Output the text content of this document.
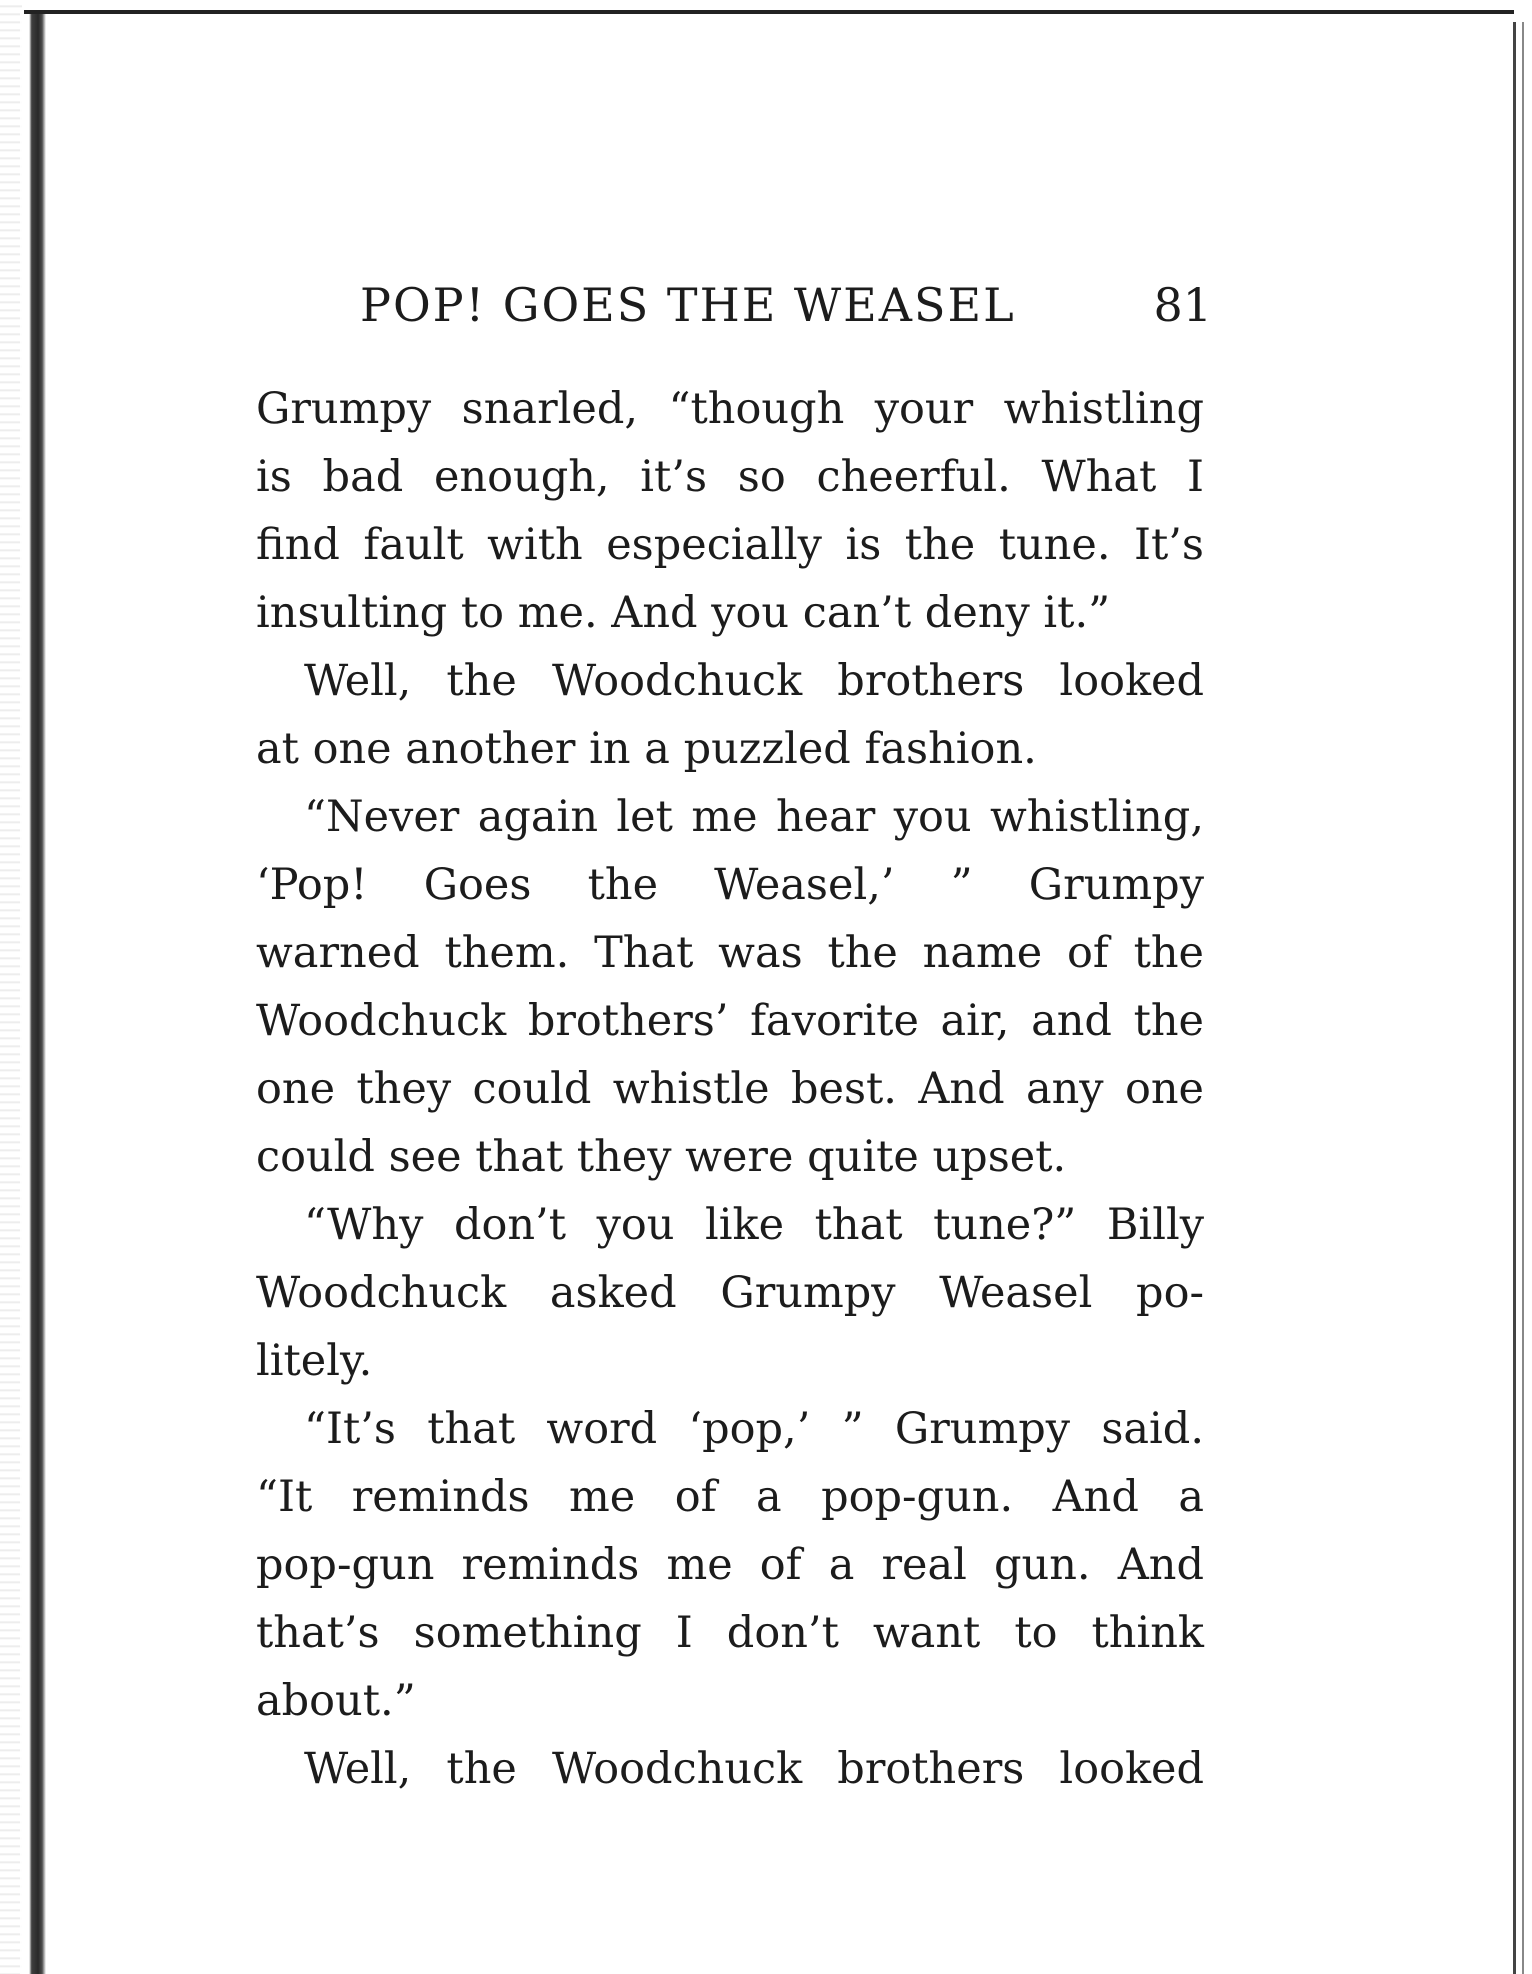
POP! GOES THE WEASEL	81
Grumpy snarled, “though your whistling
is bad enough, it’s so cheerful. What I
find fault with especially is the tune. It’s
insulting to me. And you can’t deny it.”
Well, the Woodchuck brothers looked
at one another in a puzzled fashion.
“Never again let me hear you whistling,
‘Pop! Goes the Weasel,’ ” Grumpy
warned them. That was the name of the
Woodchuck brothers’ favorite air, and the
one they could whistle best. And any one
could see that they were quite upset.
“Why don’t you like that tune?” Billy
Woodchuck asked Grumpy Weasel po-
litely.
“It’s that word ‘pop,’ ” Grumpy said.
“It reminds me of a pop-gun. And a
pop-gun reminds me of a real gun. And
that’s something I don’t want to think
about.”
Well, the Woodchuck brothers looked
